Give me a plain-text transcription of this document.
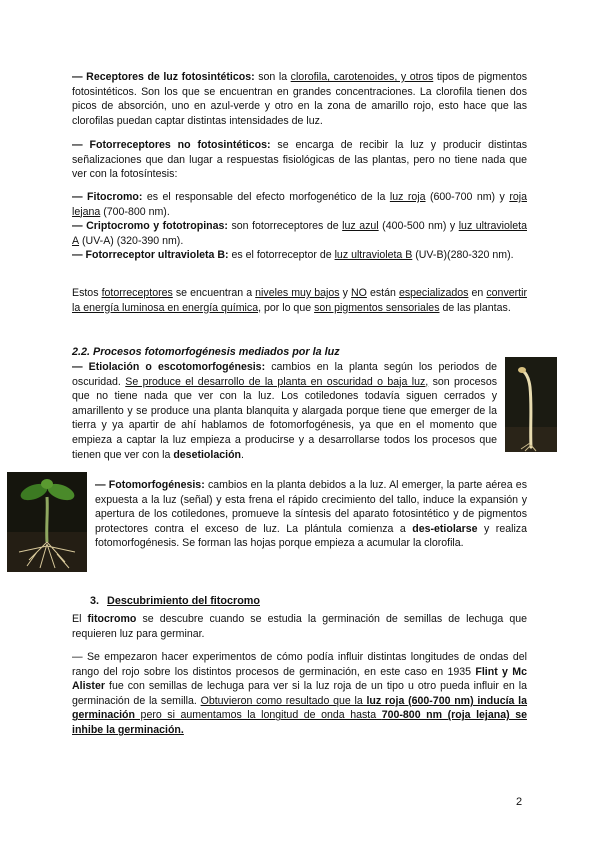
— Receptores de luz fotosintéticos: son la clorofila, carotenoides, y otros tipos de pigmentos fotosintéticos. Son los que se encuentran en grandes concentraciones. La clorofila tienen dos picos de absorción, uno en azul-verde y otro en la zona de amarillo rojo, esto hace que las clorofilas puedan captar distintas intensidades de luz.

— Fotorreceptores no fotosintéticos: se encarga de recibir la luz y producir distintas señalizaciones que dan lugar a respuestas fisiológicas de las plantas, pero no tiene nada que ver con la fotosíntesis:

— Fitocromo: es el responsable del efecto morfogenético de la luz roja (600-700 nm) y roja lejana (700-800 nm).

— Criptocromo y fototropinas: son fotorreceptores de luz azul (400-500 nm) y luz ultravioleta A (UV-A) (320-390 nm).

— Fotorreceptor ultravioleta B: es el fotorreceptor de luz ultravioleta B (UV-B)(280-320 nm).

Estos fotorreceptores se encuentran a niveles muy bajos y NO están especializados en convertir la energía luminosa en energía química, por lo que son pigmentos sensoriales de las plantas.

2.2. Procesos fotomorfogénesis mediados por la luz

— Etiolación o escotomorfogénesis: cambios en la planta según los periodos de oscuridad. Se produce el desarrollo de la planta en oscuridad o baja luz, son procesos que no tiene nada que ver con la luz. Los cotiledones todavía siguen cerrados y amarillento y se produce una planta blanquita y alargada porque tiene que emerger de la tierra y ya apartir de ahí hablamos de fotomorfogénesis, ya que en el momento que empieza a captar la luz empieza a producirse y a desarrollarse todos los procesos que tienen que ver con la desetiolación.

— Fotomorfogénesis: cambios en la planta debidos a la luz. Al emerger, la parte aérea es expuesta a la luz (señal) y esta frena el rápido crecimiento del tallo, induce la expansión y apertura de los cotiledones, promueve la síntesis del aparato fotosintético y de pigmentos protectores contra el exceso de luz. La plántula comienza a des-etiolarse y realiza fotomorfogénesis. Se forman las hojas porque empieza a acumular la clorofila.

3. Descubrimiento del fitocromo

El fitocromo se descubre cuando se estudia la germinación de semillas de lechuga que requieren luz para germinar.

— Se empezaron hacer experimentos de cómo podía influir distintas longitudes de ondas del rango del rojo sobre los distintos procesos de germinación, en este caso en 1935 Flint y Mc Alister fue con semillas de lechuga para ver si la luz roja de un tipo u otro pueda influir en la germinación de la semilla. Obtuvieron como resultado que la luz roja (600-700 nm) inducía la germinación pero si aumentamos la longitud de onda hasta 700-800 nm (roja lejana) se inhibe la germinación.

2
